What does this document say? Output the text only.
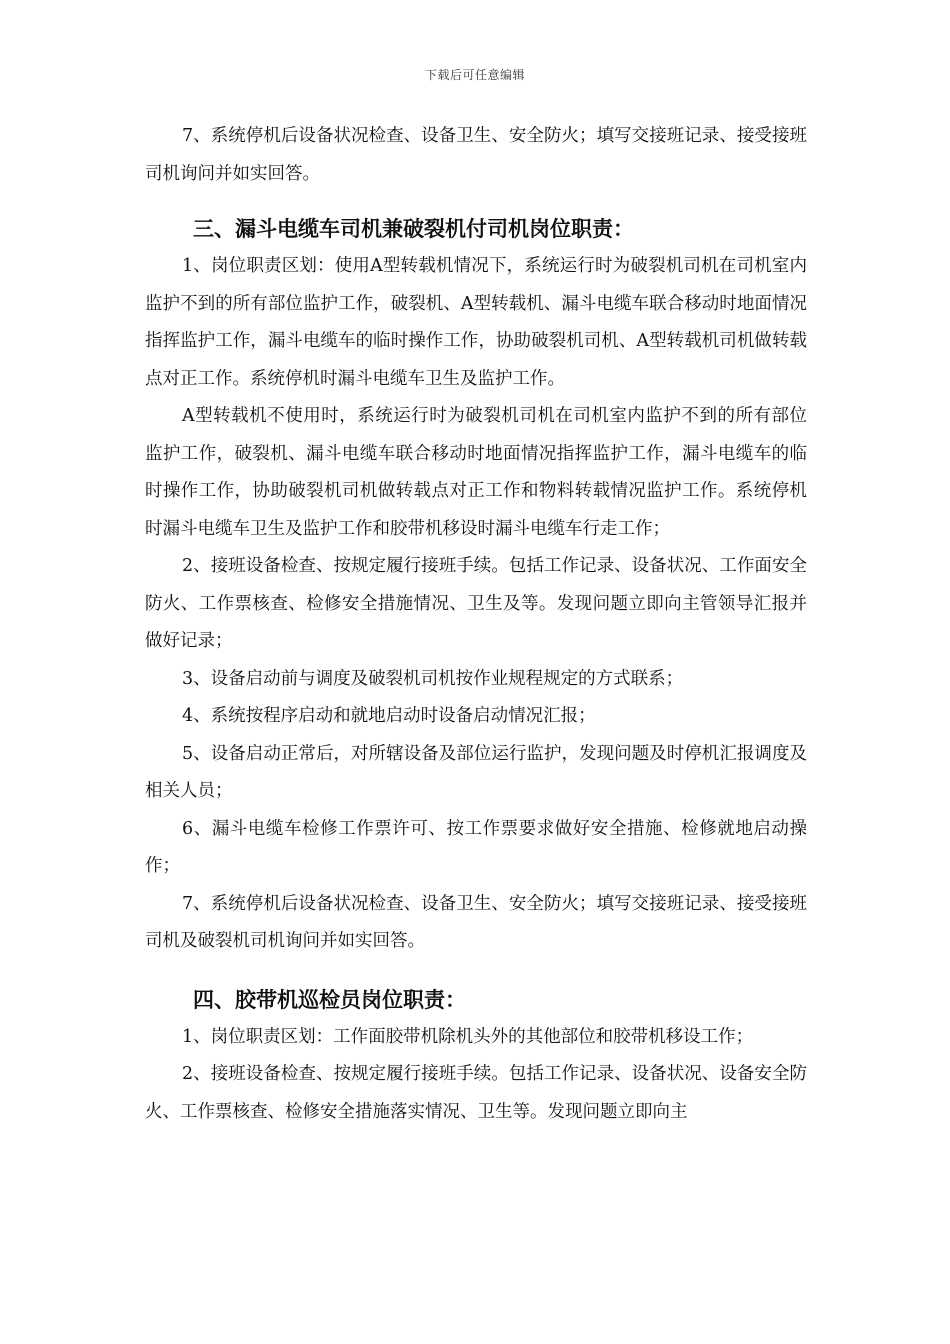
下载后可任意编辑

7、系统停机后设备状况检查、设备卫生、安全防火；填写交接班记录、接受接班司机询问并如实回答。

三、漏斗电缆车司机兼破裂机付司机岗位职责：

1、岗位职责区划：使用A型转载机情况下，系统运行时为破裂机司机在司机室内监护不到的所有部位监护工作，破裂机、A型转载机、漏斗电缆车联合移动时地面情况指挥监护工作，漏斗电缆车的临时操作工作，协助破裂机司机、A型转载机司机做转载点对正工作。系统停机时漏斗电缆车卫生及监护工作。

A型转载机不使用时，系统运行时为破裂机司机在司机室内监护不到的所有部位监护工作，破裂机、漏斗电缆车联合移动时地面情况指挥监护工作，漏斗电缆车的临时操作工作，协助破裂机司机做转载点对正工作和物料转载情况监护工作。系统停机时漏斗电缆车卫生及监护工作和胶带机移设时漏斗电缆车行走工作；

2、接班设备检查、按规定履行接班手续。包括工作记录、设备状况、工作面安全防火、工作票核查、检修安全措施情况、卫生及等。发现问题立即向主管领导汇报并做好记录；

3、设备启动前与调度及破裂机司机按作业规程规定的方式联系；

4、系统按程序启动和就地启动时设备启动情况汇报；

5、设备启动正常后，对所辖设备及部位运行监护，发现问题及时停机汇报调度及相关人员；

6、漏斗电缆车检修工作票许可、按工作票要求做好安全措施、检修就地启动操作；

7、系统停机后设备状况检查、设备卫生、安全防火；填写交接班记录、接受接班司机及破裂机司机询问并如实回答。

四、胶带机巡检员岗位职责：

1、岗位职责区划：工作面胶带机除机头外的其他部位和胶带机移设工作；

2、接班设备检查、按规定履行接班手续。包括工作记录、设备状况、设备安全防火、工作票核查、检修安全措施落实情况、卫生等。发现问题立即向主
